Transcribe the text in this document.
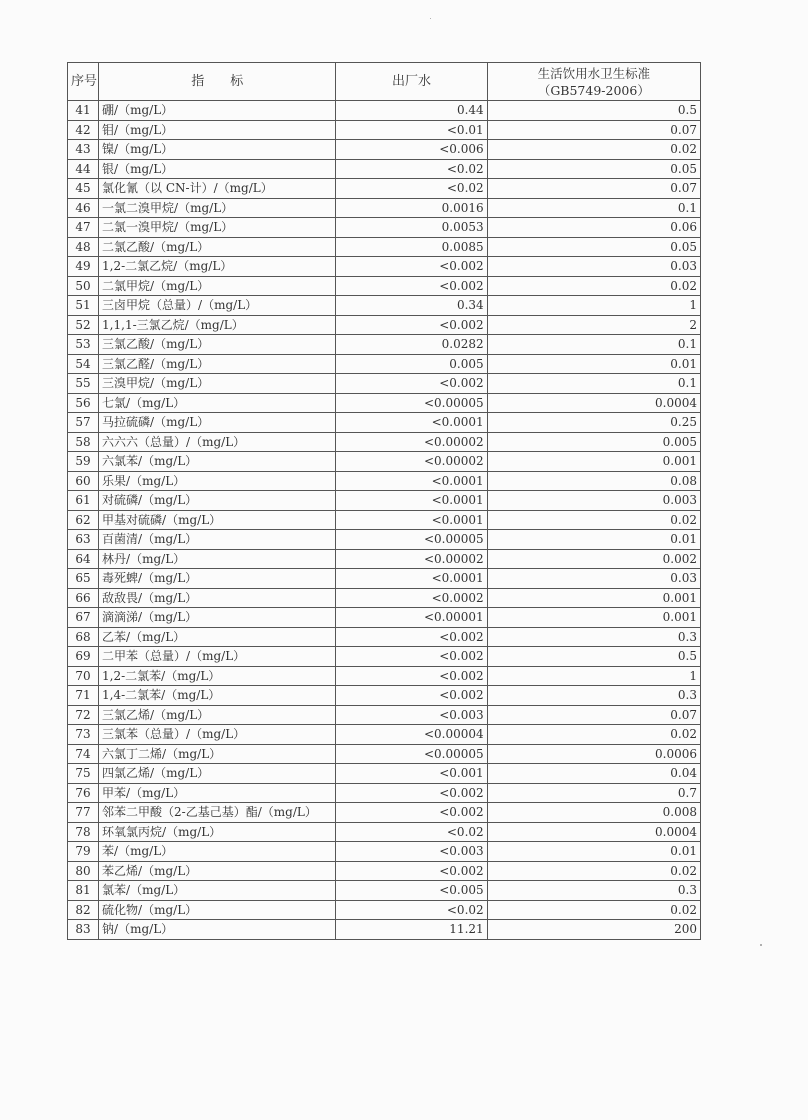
序号	指　　标	出厂水	生活饮用水卫生标准
（GB5749-2006）

41	硼/（mg/L）	0.44	0.5
42	钼/（mg/L）	<0.01	0.07
43	镍/（mg/L）	<0.006	0.02
44	银/（mg/L）	<0.02	0.05
45	氯化氰（以 CN-计）/（mg/L）	<0.02	0.07
46	一氯二溴甲烷/（mg/L）	0.0016	0.1
47	二氯一溴甲烷/（mg/L）	0.0053	0.06
48	二氯乙酸/（mg/L）	0.0085	0.05
49	1,2-二氯乙烷/（mg/L）	<0.002	0.03
50	二氯甲烷/（mg/L）	<0.002	0.02
51	三卤甲烷（总量）/（mg/L）	0.34	1
52	1,1,1-三氯乙烷/（mg/L）	<0.002	2
53	三氯乙酸/（mg/L）	0.0282	0.1
54	三氯乙醛/（mg/L）	0.005	0.01
55	三溴甲烷/（mg/L）	<0.002	0.1
56	七氯/（mg/L）	<0.00005	0.0004
57	马拉硫磷/（mg/L）	<0.0001	0.25
58	六六六（总量）/（mg/L）	<0.00002	0.005
59	六氯苯/（mg/L）	<0.00002	0.001
60	乐果/（mg/L）	<0.0001	0.08
61	对硫磷/（mg/L）	<0.0001	0.003
62	甲基对硫磷/（mg/L）	<0.0001	0.02
63	百菌清/（mg/L）	<0.00005	0.01
64	林丹/（mg/L）	<0.00002	0.002
65	毒死蜱/（mg/L）	<0.0001	0.03
66	敌敌畏/（mg/L）	<0.0002	0.001
67	滴滴涕/（mg/L）	<0.00001	0.001
68	乙苯/（mg/L）	<0.002	0.3
69	二甲苯（总量）/（mg/L）	<0.002	0.5
70	1,2-二氯苯/（mg/L）	<0.002	1
71	1,4-二氯苯/（mg/L）	<0.002	0.3
72	三氯乙烯/（mg/L）	<0.003	0.07
73	三氯苯（总量）/（mg/L）	<0.00004	0.02
74	六氯丁二烯/（mg/L）	<0.00005	0.0006
75	四氯乙烯/（mg/L）	<0.001	0.04
76	甲苯/（mg/L）	<0.002	0.7
77	邻苯二甲酸（2-乙基己基）酯/（mg/L）	<0.002	0.008
78	环氧氯丙烷/（mg/L）	<0.02	0.0004
79	苯/（mg/L）	<0.003	0.01
80	苯乙烯/（mg/L）	<0.002	0.02
81	氯苯/（mg/L）	<0.005	0.3
82	硫化物/（mg/L）	<0.02	0.02
83	钠/（mg/L）	11.21	200
